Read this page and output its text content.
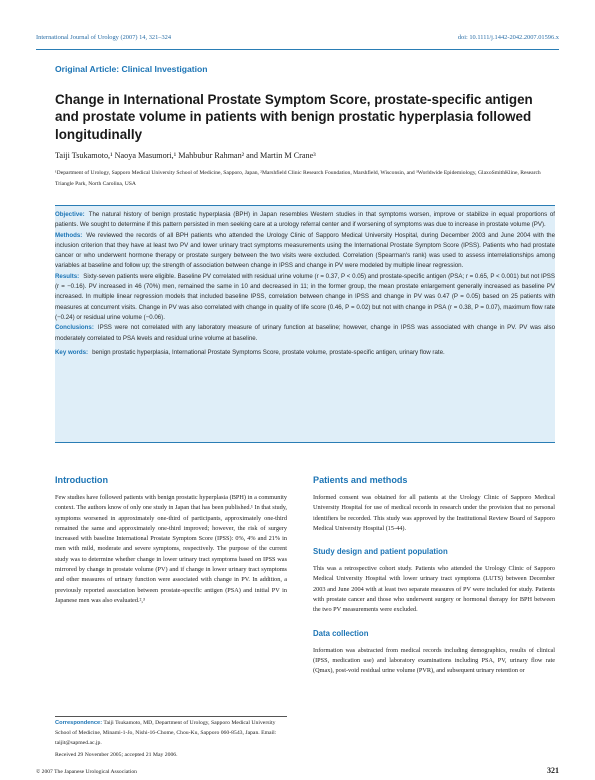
International Journal of Urology (2007) 14, 321–324	doi: 10.1111/j.1442-2042.2007.01596.x
Original Article: Clinical Investigation
Change in International Prostate Symptom Score, prostate-specific antigen and prostate volume in patients with benign prostatic hyperplasia followed longitudinally
Taiji Tsukamoto,¹ Naoya Masumori,¹ Mahbubur Rahman² and Martin M Crane³
¹Department of Urology, Sapporo Medical University School of Medicine, Sapporo, Japan, ²Marshfield Clinic Research Foundation, Marshfield, Wisconsin, and ³Worldwide Epidemiology, GlaxoSmithKline, Research Triangle Park, North Carolina, USA
Objective: The natural history of benign prostatic hyperplasia (BPH) in Japan resembles Western studies in that symptoms worsen, improve or stabilize in equal proportions of patients. We sought to determine if this pattern persisted in men seeking care at a urology referral center and if worsening of symptoms was due to increase in prostate volume (PV).
Methods: We reviewed the records of all BPH patients who attended the Urology Clinic of Sapporo Medical University Hospital, during December 2003 and June 2004 with the inclusion criterion that they have at least two PV and lower urinary tract symptoms measurements using the International Prostate Symptom Score (IPSS). Patients who had prostate cancer or who underwent hormone therapy or prostate surgery between the two visits were excluded. Correlation (Spearman's rank) was used to assess interrelationships among variables at baseline and follow up; the strength of association between change in IPSS and change in PV were modeled by multiple linear regression.
Results: Sixty-seven patients were eligible. Baseline PV correlated with residual urine volume (r = 0.37, P < 0.05) and prostate-specific antigen (PSA; r = 0.65, P < 0.001) but not IPSS (r = −0.16). PV increased in 46 (70%) men, remained the same in 10 and decreased in 11; in the former group, the mean prostate enlargement generally increased as baseline PV increased. In multiple linear regression models that included baseline IPSS, correlation between change in IPSS and change in PV was 0.47 (P = 0.05) based on 25 patients with measures at concurrent visits. Change in PV was also correlated with change in quality of life score (0.46, P = 0.02) but not with change in PSA (r = 0.38, P = 0.07), maximum flow rate (−0.24) or residual urine volume (−0.06).
Conclusions: IPSS were not correlated with any laboratory measure of urinary function at baseline; however, change in IPSS was associated with change in PV. PV was also moderately correlated to PSA levels and residual urine volume at baseline.
Key words: benign prostatic hyperplasia, International Prostate Symptoms Score, prostate volume, prostate-specific antigen, urinary flow rate.
Introduction
Few studies have followed patients with benign prostatic hyperplasia (BPH) in a community context. The authors know of only one study in Japan that has been published.¹ In that study, symptoms worsened in approximately one-third of participants, approximately one-third remained the same and approximately one-third improved; however, the risk of surgery increased with baseline International Prostate Symptom Score (IPSS): 0%, 4% and 21% in men with mild, moderate and severe symptoms, respectively. The purpose of the current study was to determine whether change in lower urinary tract symptoms based on IPSS was mirrored by change in prostate volume (PV) and if change in lower urinary tract symptoms and other measures of urinary function were associated with change in PV. In addition, a previously reported association between prostate-specific antigen (PSA) and initial PV in Japanese men was also evaluated.²,³
Correspondence: Taiji Tsukamoto, MD, Department of Urology, Sapporo Medical University School of Medicine, Minami-1-Jo, Nishi-16-Chome, Chou-Ku, Sapporo 060-8543, Japan. Email: taijit@sapmed.ac.jp.
Received 29 November 2005; accepted 21 May 2006.
Patients and methods
Informed consent was obtained for all patients at the Urology Clinic of Sapporo Medical University Hospital for use of medical records in research under the provision that no personal identifiers be recorded. This study was approved by the Institutional Review Board of Sapporo Medical University Hospital (15-44).
Study design and patient population
This was a retrospective cohort study. Patients who attended the Urology Clinic of Sapporo Medical University Hospital with lower urinary tract symptoms (LUTS) between December 2003 and June 2004 with at least two separate measures of PV were included for study. Patients with prostate cancer and those who underwent surgery or hormonal therapy for BPH between the two PV measurements were excluded.
Data collection
Information was abstracted from medical records including demographics, results of clinical (IPSS, medication use) and laboratory examinations including PSA, PV, urinary flow rate (Qmax), post-void residual urine volume (PVR), and subsequent urinary retention or
© 2007 The Japanese Urological Association	321
